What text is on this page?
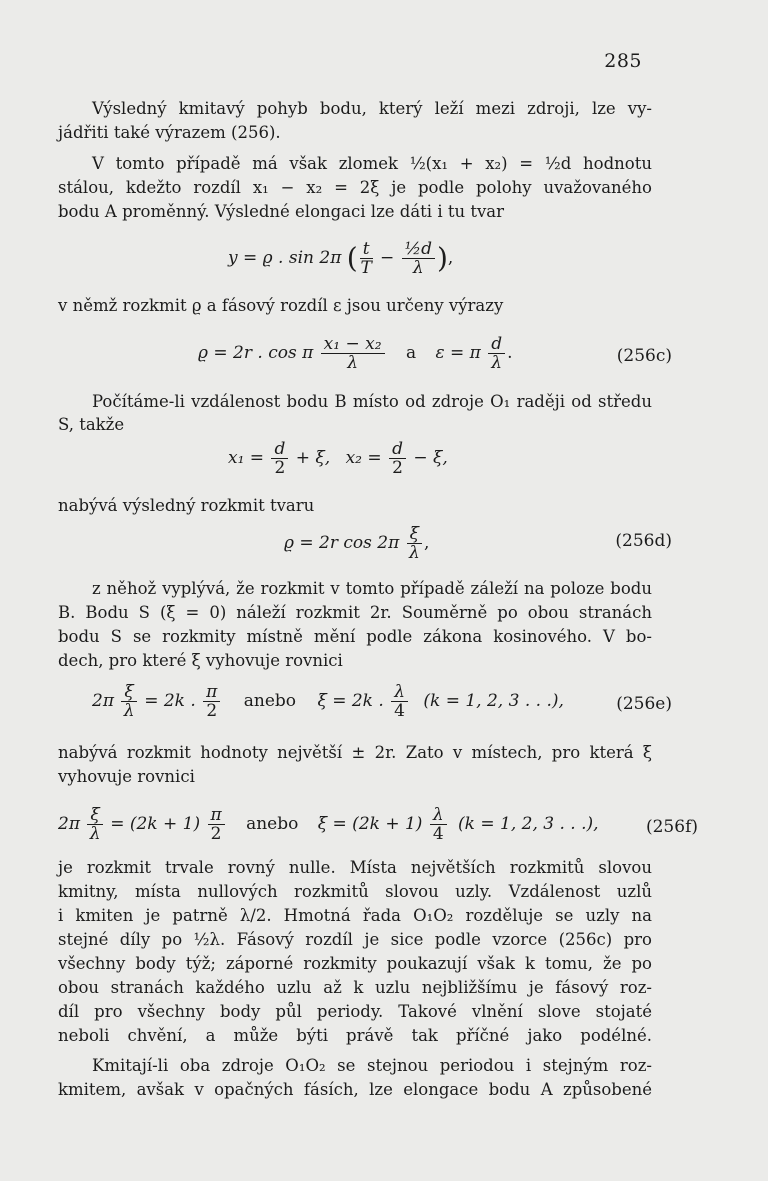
285
Výsledný kmitavý pohyb bodu, který leží mezi zdroji, lze vy-
jádřiti také výrazem (256).
V tomto případě má však zlomek ½(x₁ + x₂) = ½d hodnotu
stálou, kdežto rozdíl x₁ − x₂ = 2ξ je podle polohy uvažovaného
bodu A proměnný. Výsledné elongaci lze dáti i tu tvar
y = ϱ . sin 2π ( $\frac{t}{T} - \frac{\text{½d}}{\lambda}$ ),
v němž rozkmit ϱ a fásový rozdíl ε jsou určeny výrazy
ϱ = 2r . cos π $\frac{\text{x₁ − x₂}}{\lambda}$ a ε = π $\frac{d}{\lambda}$ .	(256c)
Počítáme-li vzdálenost bodu B místo od zdroje O₁ raději od středu
S, takže
$x_1 = \frac{d}{2} + \xi$, $x_2 = \frac{d}{2} - \xi$,
nabývá výsledný rozkmit tvaru
ϱ = 2r $\cos 2\pi \frac{\xi}{\lambda}$ ,	(256d)
z něhož vyplývá, že rozkmit v tomto případě záleží na poloze bodu
B. Bodu S (ξ = 0) náleží rozkmit 2r. Souměrně po obou stranách
bodu S se rozkmity místně mění podle zákona kosinového. V bo-
dech, pro které ξ vyhovuje rovnici
$2\pi \frac{\xi}{\lambda} = 2k$ . $\frac{\pi}{2}$ anebo ξ = 2k . $\frac{\lambda}{4} (k = 1$, 2, 3 . . .),	(256e)
nabývá rozkmit hodnoty největší ± 2r. Zato v místech, pro která ξ
vyhovuje rovnici
$2\pi \frac{\xi}{\lambda} = (2k + 1) \frac{\pi}{2}$ anebo $\xi = (2k + 1) \frac{\lambda}{4} (k = 1$, 2, 3 . . .),	(256f)
je rozkmit trvale rovný nulle. Místa největších rozkmitů slovou
kmitny, místa nullových rozkmitů slovou uzly. Vzdálenost uzlů
i kmiten je patrně λ/2. Hmotná řada O₁O₂ rozděluje se uzly na
stejné díly po ½λ. Fásový rozdíl je sice podle vzorce (256c) pro
všechny body týž; záporné rozkmity poukazují však k tomu, že po
obou stranách každého uzlu až k uzlu nejbližšímu je fásový roz-
díl pro všechny body půl periody. Takové vlnění slove stojaté
neboli chvění, a může býti právě tak příčné jako podélné.
Kmitají-li oba zdroje O₁O₂ se stejnou periodou i stejným roz-
kmitem, avšak v opačných fásích, lze elongace bodu A způsobené
